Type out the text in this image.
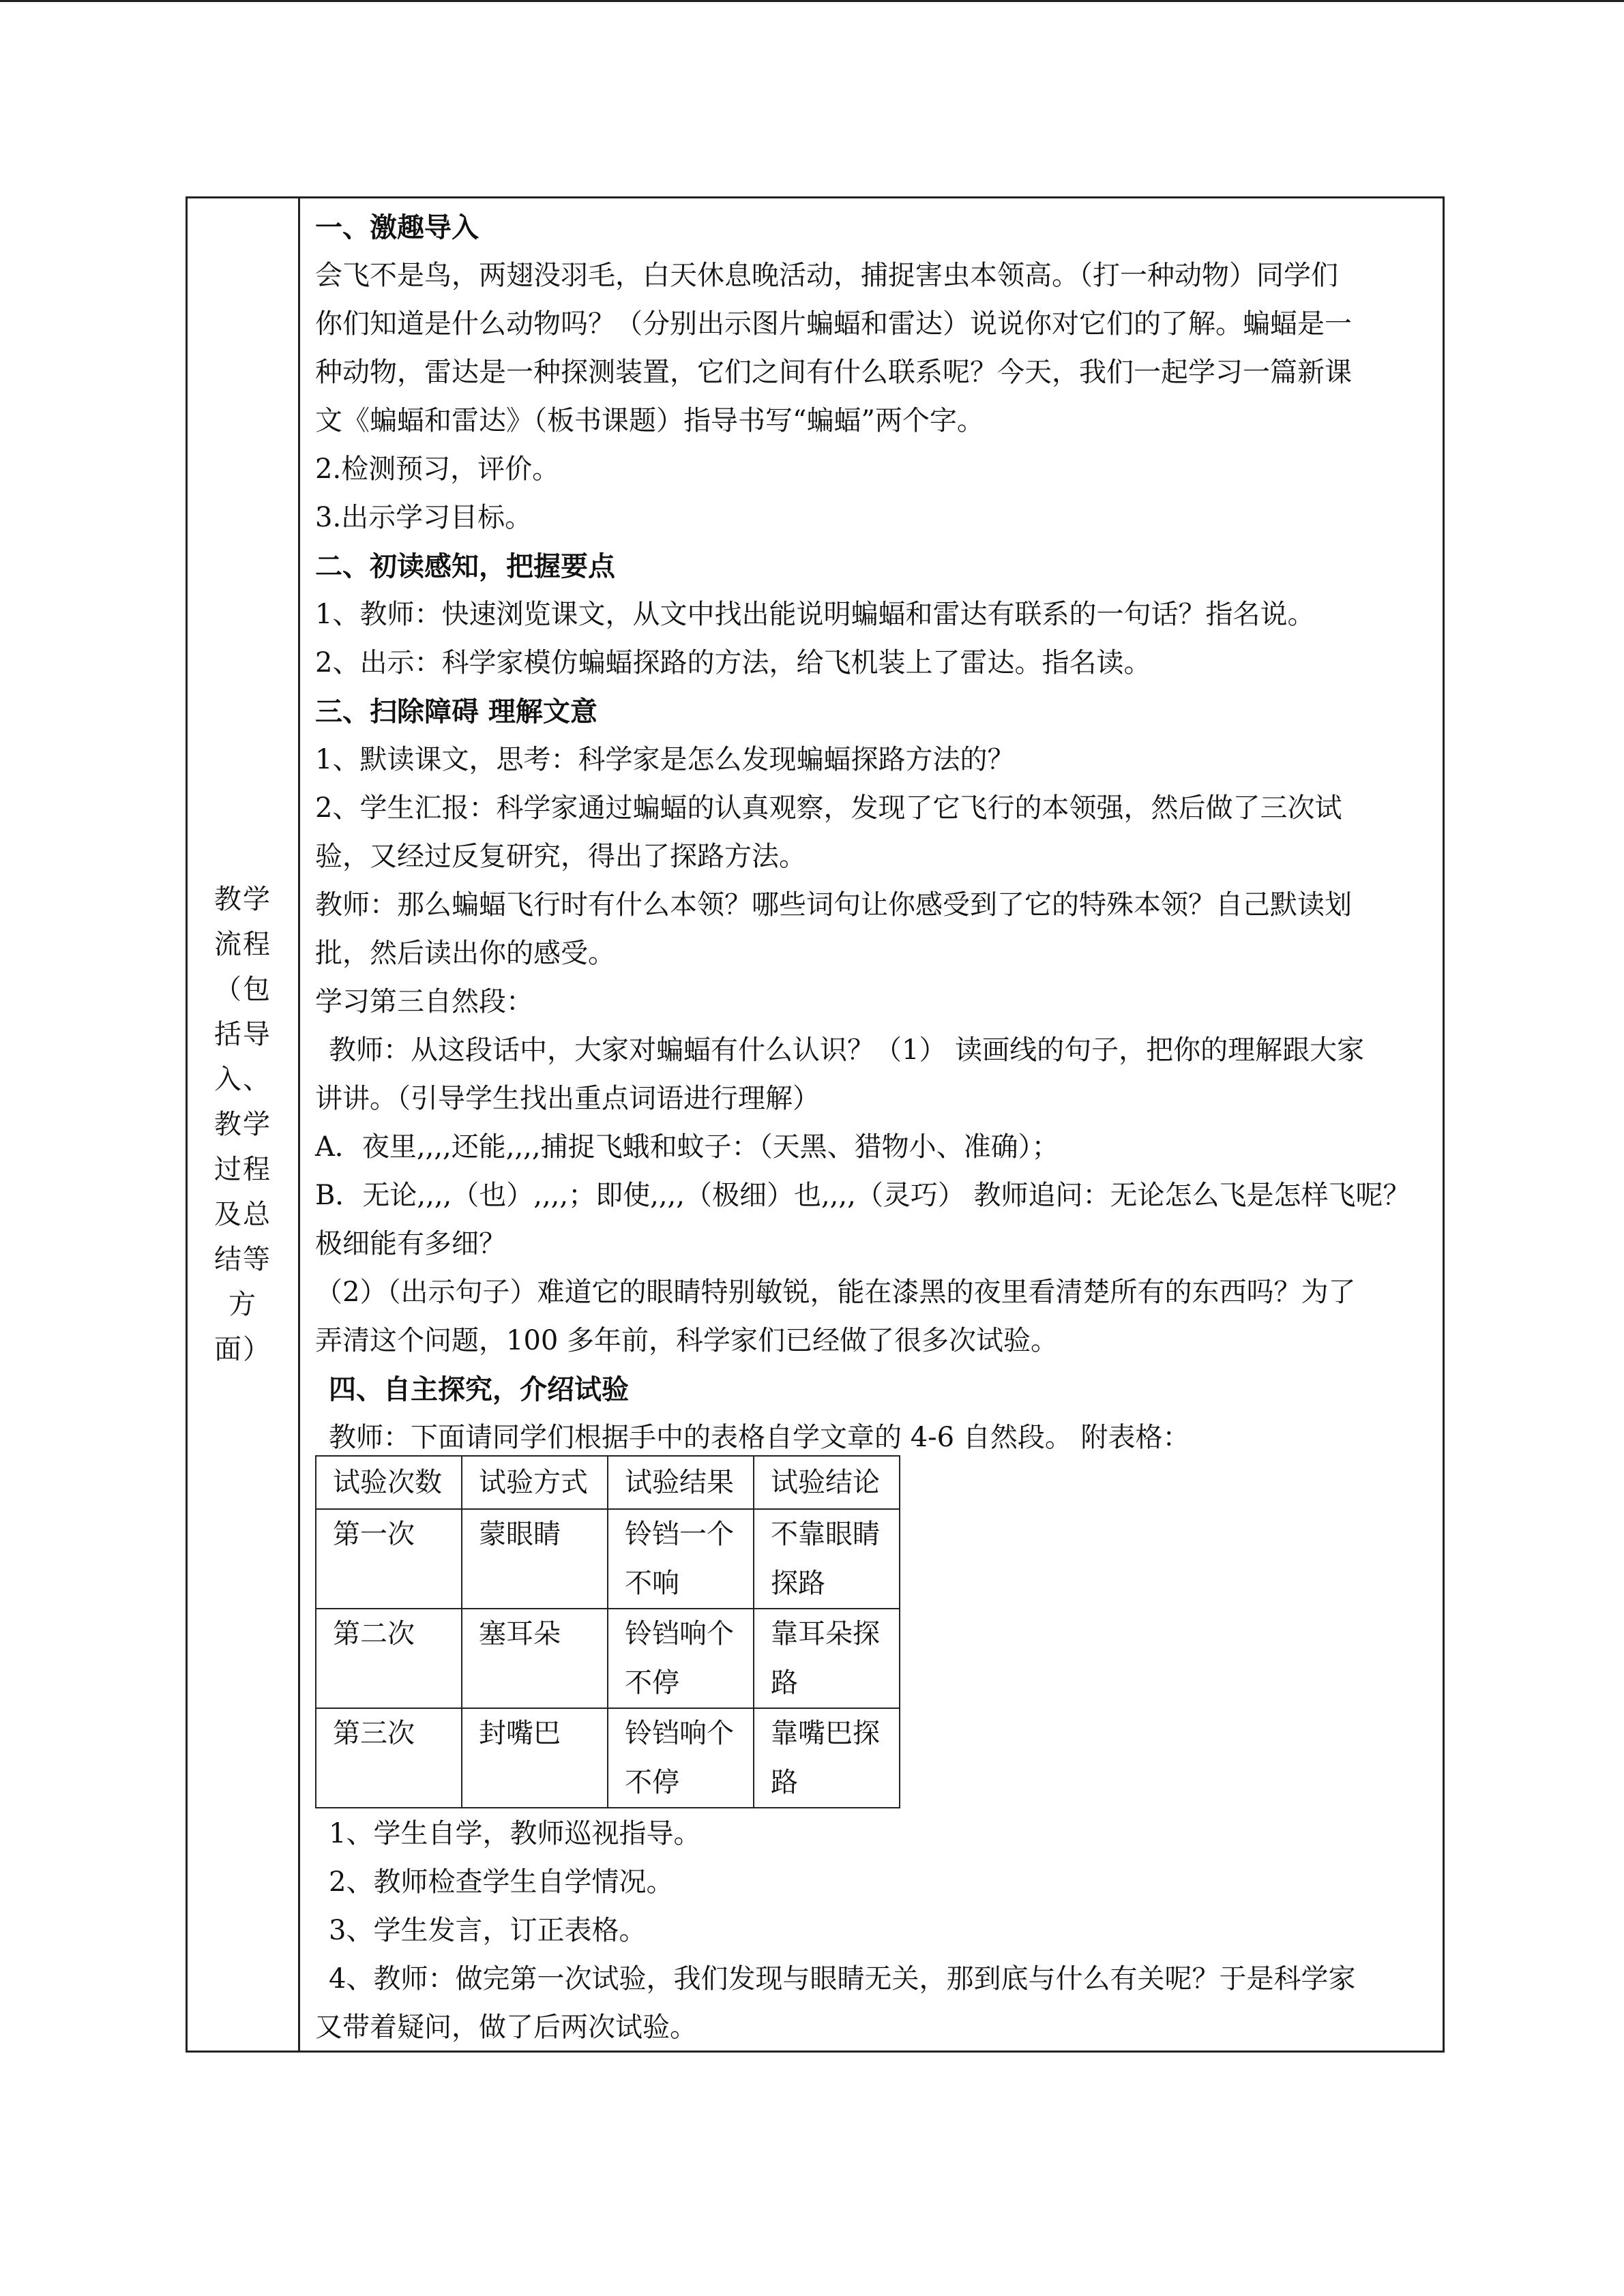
教学流程（包括导入、教学过程及总结等方面）
一、激趣导入
会飞不是鸟，两翅没羽毛，白天休息晚活动，捕捉害虫本领高。（打一种动物）同学们
你们知道是什么动物吗？（分别出示图片蝙蝠和雷达）说说你对它们的了解。蝙蝠是一
种动物，雷达是一种探测装置，它们之间有什么联系呢？今天，我们一起学习一篇新课
文《蝙蝠和雷达》（板书课题）指导书写“蝙蝠”两个字。
2.检测预习，评价。
3.出示学习目标。
二、初读感知，把握要点
1、教师：快速浏览课文，从文中找出能说明蝙蝠和雷达有联系的一句话？指名说。
2、出示：科学家模仿蝙蝠探路的方法，给飞机装上了雷达。指名读。
三、扫除障碍 理解文意
1、默读课文，思考：科学家是怎么发现蝙蝠探路方法的？
2、学生汇报：科学家通过蝙蝠的认真观察，发现了它飞行的本领强，然后做了三次试
验，又经过反复研究，得出了探路方法。
教师：那么蝙蝠飞行时有什么本领？哪些词句让你感受到了它的特殊本领？自己默读划
批，然后读出你的感受。
学习第三自然段：
教师：从这段话中，大家对蝙蝠有什么认识？（1） 读画线的句子，把你的理解跟大家
讲讲。（引导学生找出重点词语进行理解）
A．夜里,,,,还能,,,,捕捉飞蛾和蚊子：（天黑、猎物小、准确）；
B．无论,,,,（也）,,,,；即使,,,,（极细）也,,,,（灵巧） 教师追问：无论怎么飞是怎样飞呢？
极细能有多细？
（2）（出示句子）难道它的眼睛特别敏锐，能在漆黑的夜里看清楚所有的东西吗？为了
弄清这个问题，100 多年前，科学家们已经做了很多次试验。
四、自主探究，介绍试验
教师：下面请同学们根据手中的表格自学文章的 4-6 自然段。 附表格：
试验次数	试验方式	试验结果	试验结论
第一次	蒙眼睛	铃铛一个不响	不靠眼睛探路
第二次	塞耳朵	铃铛响个不停	靠耳朵探路
第三次	封嘴巴	铃铛响个不停	靠嘴巴探路
1、学生自学，教师巡视指导。
2、教师检查学生自学情况。
3、学生发言，订正表格。
4、教师：做完第一次试验，我们发现与眼睛无关，那到底与什么有关呢？于是科学家
又带着疑问，做了后两次试验。
